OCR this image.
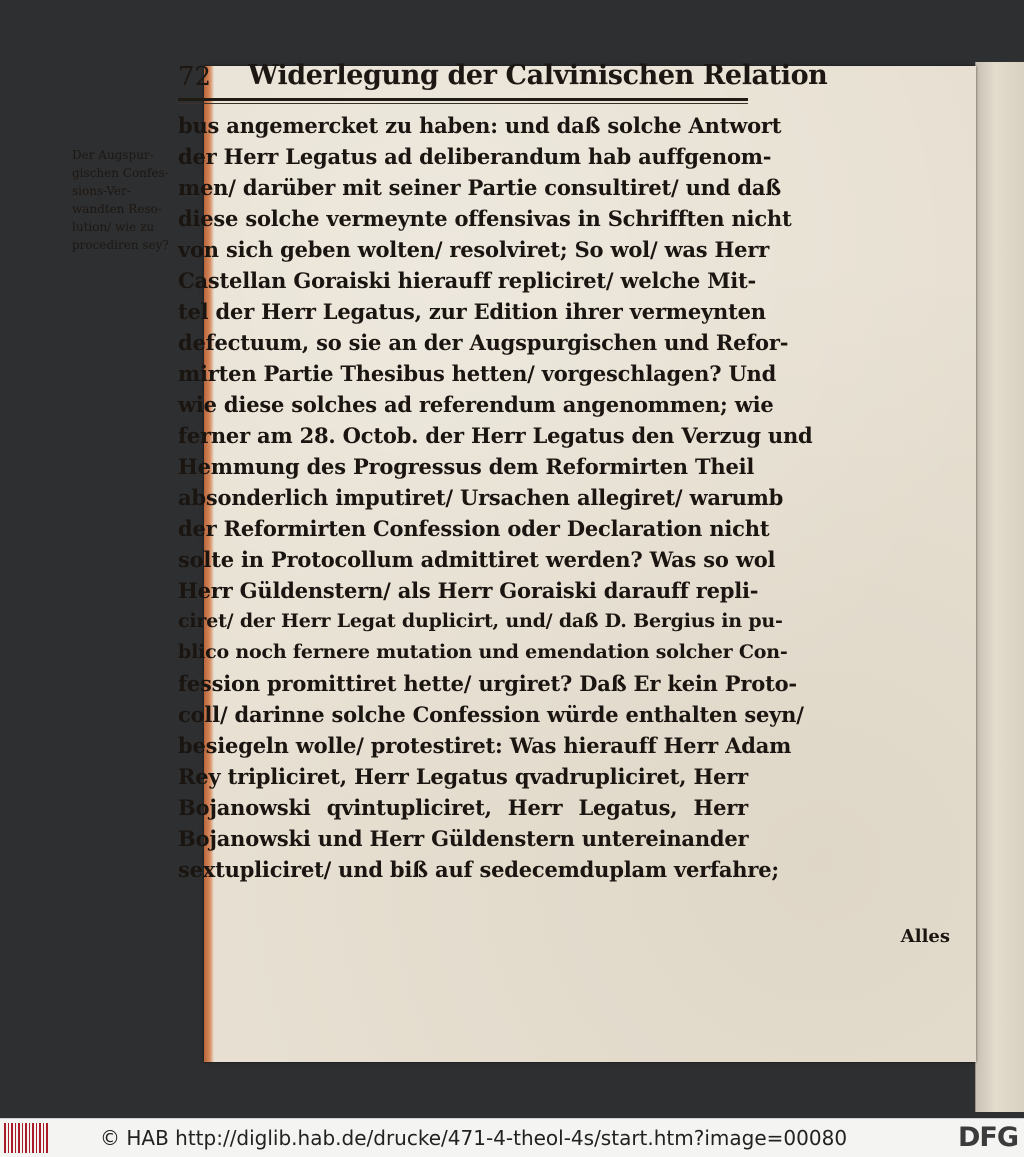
72 Widerlegung der Calvinischen Relation
Der Augspur-
gischen Confes-
sions-Ver-
wandten Reso-
lution/ wie zu
procediren sey?
bus angemercket zu haben: und daß solche Antwort
der Herr Legatus ad deliberandum hab auffgenom-
men/ darüber mit seiner Partie consultiret/ und daß
diese solche vermeynte offensivas in Schrifften nicht
von sich geben wolten/ resolviret; So wol/ was Herr
Castellan Goraiski hierauff repliciret/ welche Mit-
tel der Herr Legatus, zur Edition ihrer vermeynten
defectuum, so sie an der Augspurgischen und Refor-
mirten Partie Thesibus hetten/ vorgeschlagen? Und
wie diese solches ad referendum angenommen; wie
ferner am 28. Octob. der Herr Legatus den Verzug und
Hemmung des Progressus dem Reformirten Theil
absonderlich imputiret/ Ursachen allegiret/ warumb
der Reformirten Confession oder Declaration nicht
solte in Protocollum admittiret werden? Was so wol
Herr Güldenstern/ als Herr Goraiski darauff repli-
ciret/ der Herr Legat duplicirt, und/ daß D. Bergius in pu-
blico noch fernere mutation und emendation solcher Con-
fession promittiret hette/ urgiret? Daß Er kein Proto-
coll/ darinne solche Confession würde enthalten seyn/
besiegeln wolle/ protestiret: Was hierauff Herr Adam
Rey tripliciret, Herr Legatus qvadrupliciret, Herr
Bojanowski qvintupliciret, Herr Legatus, Herr
Bojanowski und Herr Güldenstern untereinander
sextupliciret/ und biß auf sedecemduplam verfahre;
Alles
© HAB http://diglib.hab.de/drucke/471-4-theol-4s/start.htm?image=00080	DFG
